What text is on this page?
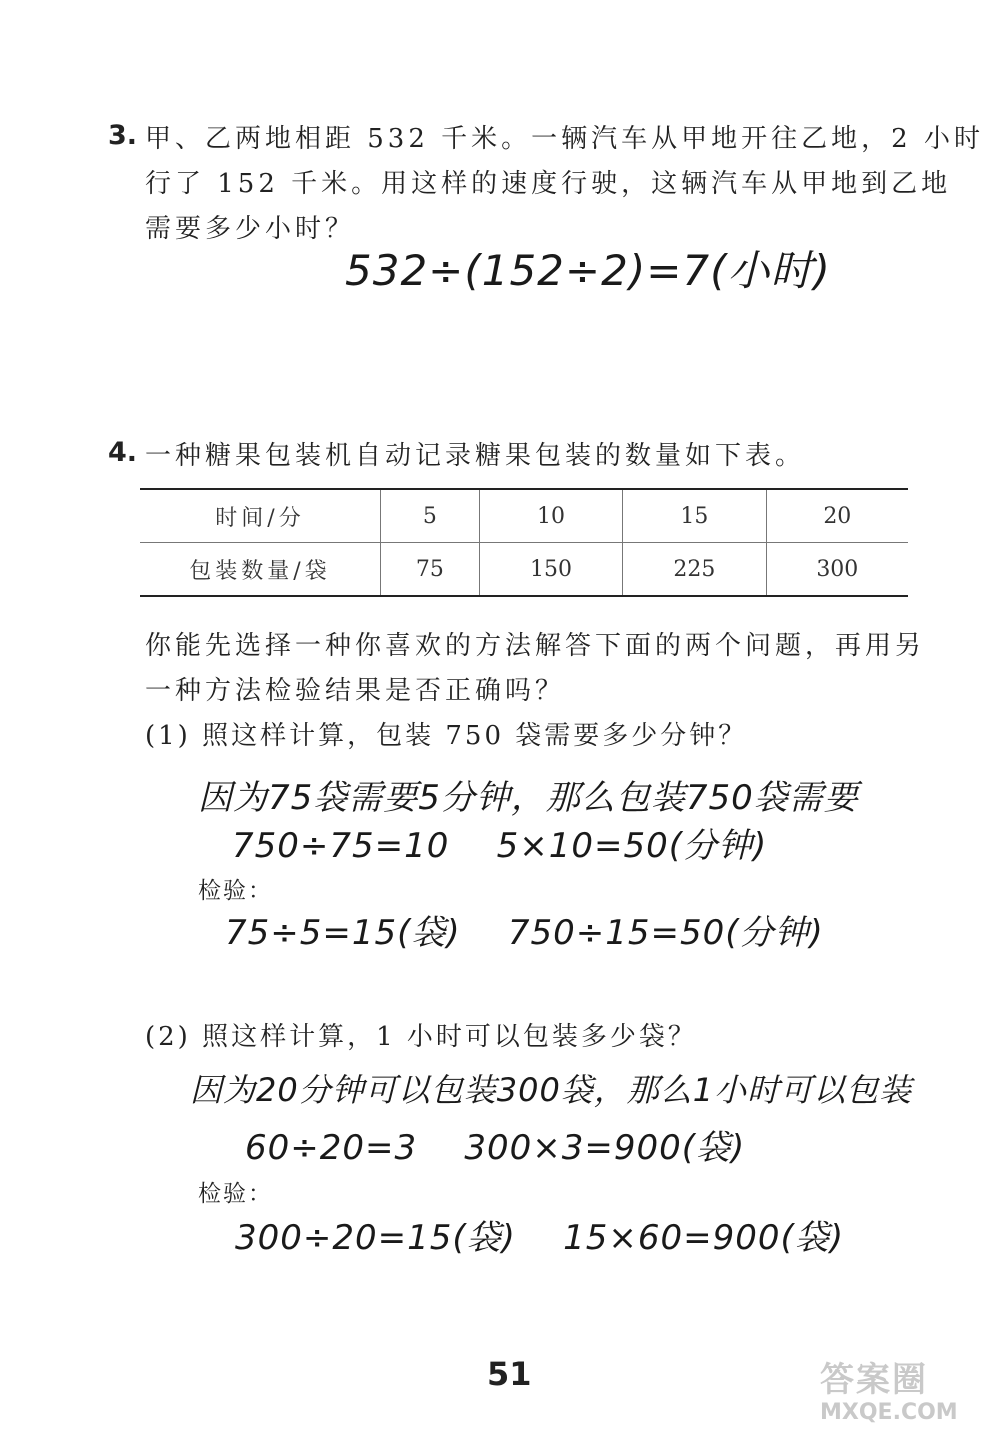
3. 甲、乙两地相距 532 千米。一辆汽车从甲地开往乙地，2 小时
行了 152 千米。用这样的速度行驶，这辆汽车从甲地到乙地
需要多少小时？
532÷(152÷2)=7(小时)
4. 一种糖果包装机自动记录糖果包装的数量如下表。
时间/分	5	10	15	20
包装数量/袋	75	150	225	300
你能先选择一种你喜欢的方法解答下面的两个问题，再用另
一种方法检验结果是否正确吗？
(1) 照这样计算，包装 750 袋需要多少分钟？
因为75袋需要5分钟，那么包装750袋需要
750÷75=10    5×10=50(分钟)
检验：
75÷5=15(袋)    750÷15=50(分钟)
(2) 照这样计算，1 小时可以包装多少袋？
因为20分钟可以包装300袋，那么1小时可以包装
60÷20=3    300×3=900(袋)
检验：
300÷20=15(袋)    15×60=900(袋)
51	答案圈
MXQE.COM
